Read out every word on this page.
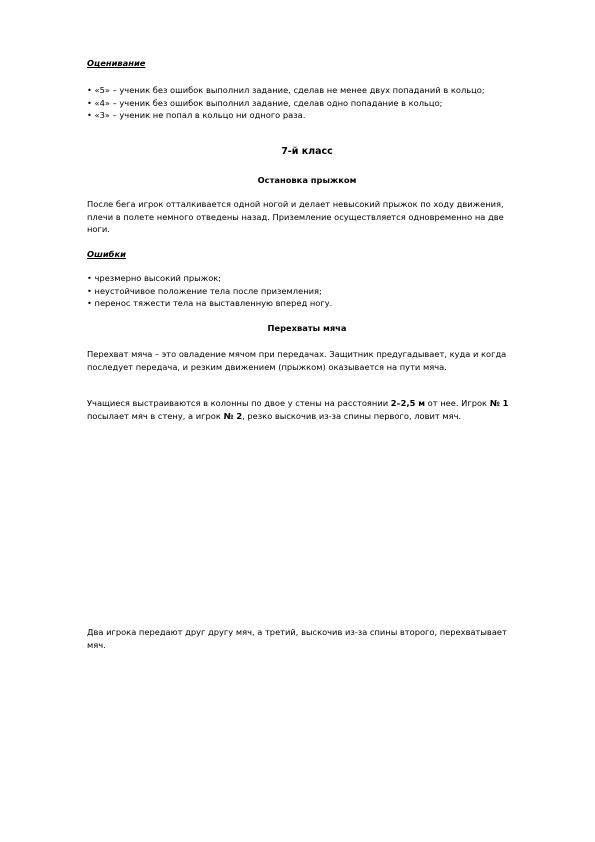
Оценивание
• «5» – ученик без ошибок выполнил задание, сделав не менее двух попаданий в кольцо;
• «4» – ученик без ошибок выполнил задание, сделав одно попадание в кольцо;
• «3» – ученик не попал в кольцо ни одного раза.
7-й класс
Остановка прыжком
После бега игрок отталкивается одной ногой и делает невысокий прыжок по ходу движения, плечи в полете немного отведены назад. Приземление осуществляется одновременно на две ноги.
Ошибки
• чрезмерно высокий прыжок;
• неустойчивое положение тела после приземления;
• перенос тяжести тела на выставленную вперед ногу.
Перехваты мяча
Перехват мяча – это овладение мячом при передачах. Защитник предугадывает, куда и когда последует передача, и резким движением (прыжком) оказывается на пути мяча.
Учащиеся выстраиваются в колонны по двое у стены на расстоянии 2–2,5 м от нее. Игрок № 1 посылает мяч в стену, а игрок № 2, резко выскочив из-за спины первого, ловит мяч.
Два игрока передают друг другу мяч, а третий, выскочив из-за спины второго, перехватывает мяч.
